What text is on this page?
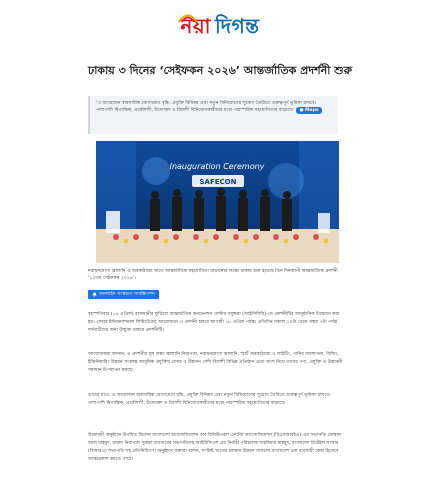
নয়া দিগন্ত
ঢাকায় ৩ দিনের ‘সেইফকন ২০২৬’ আন্তর্জাতিক প্রদর্শনী শুরু
‘এ আয়োজন ব্যবসায়িক যোগাযোগ বৃদ্ধি, প্রযুক্তি বিনিময় এবং নতুন বিনিয়োগের সুযোগ তৈরিতে গুরুত্বপূর্ণ ভূমিকা রাখবে। পাশাপাশি দ্বিপাক্ষিক, প্রকৌশলী, উদ্যোক্তা ও বিদেশী বিনিয়োগকারীদের মধ্যে পারস্পরিক সহযোগিতার বাড়াবে।’ ● Maps
Inauguration Ceremony
SAFECON

নবায়নযোগ্য জ্বালানি ও অবকাঠামো খাতে আন্তর্জাতিক সহযোগিতা বাড়ানোর লক্ষ্যে ঢাকায় শুরু হয়েছে তিন দিনব্যাপী আন্তর্জাতিক প্রদর্শনী ‘১২তম সেইফকন ২০২৬’।

অনলাইন সংস্করণে সাবস্ক্রিপশন

বৃহস্পতিবার (১৬ এপ্রিল) রাজধানীর কুড়িলে আন্তর্জাতিক কনভেনশন সেন্টার বসুন্ধরা (আইসিসিবি)-তে প্রদর্শনীটির আনুষ্ঠানিক উদ্বোধন করা হয়। সেবার ইন্টারন্যাশনাল লিমিটেডের আয়োজনে এ প্রদর্শনী চলবে আগামী ১৮ এপ্রিল পর্যন্ত। প্রতিদিন সকাল ১০টা থেকে সন্ধ্যা ৭টা পর্যন্ত দর্শনার্থীদের জন্য উন্মুক্ত থাকবে প্রদর্শনীটি।

আয়োজকরা জানান, এ প্রদর্শনীর মূল লক্ষ্য জ্বালানি নিরাপত্তা, নবায়নযোগ্য জ্বালানি, স্মার্ট অবকাঠামো ও লাইটিং, পানির ব্যবস্থাপনা, বিল্ডিং, ইঞ্জিনিয়ারিং উন্নয়ন সংক্রান্ত আধুনিক প্রযুক্তির প্রসার ও উন্নয়ন। দেশী-বিদেশী বিভিন্ন প্রতিষ্ঠান এতে অংশ নিয়ে তাদের পণ্য, প্রযুক্তি ও উদ্ভাবনী সমাধান উপস্থাপন করছে।

তাদের মতে, এ আয়োজন ব্যবসায়িক যোগাযোগ বৃদ্ধি, প্রযুক্তি বিনিময় এবং নতুন বিনিয়োগের সুযোগ তৈরিতে গুরুত্বপূর্ণ ভূমিকা রাখবে। পাশাপাশি দ্বিপাক্ষিক, প্রকৌশলী, উদ্যোক্তা ও বিদেশী বিনিয়োগকারীদের মধ্যে পারস্পরিক সহযোগিতার বাড়াবে।

উদ্বোধনী অনুষ্ঠানে উপস্থিত ছিলেন বাংলাদেশ অ্যাসোসিয়েশন অব রিনিউএবল এনার্জি অ্যাসোসিয়েশন (বিএসআরইএ)-এর সভাপতি মোস্তফা আল মাহমুদ, চায়না নিরাপত্তা সুরক্ষা ব্যবসায়ের সভাপতিসহ আইবিসিএল এর নির্বাহী পরিচালক শাহরিয়ার মাহমুদ, বাংলাদেশ রিটেইল সংস্থার (বিআরএ) সভাপতি সহ প্রতিনিধিগণ। অনুষ্ঠানে বক্তারা বলেন, সংশ্লিষ্ট খাতের চলমান উন্নয়ন সাফল্যে বাংলাদেশ এক ব্যবসায়ী কেন্দ্র হিসেবে আত্মপ্রকাশ করতে পারে।
